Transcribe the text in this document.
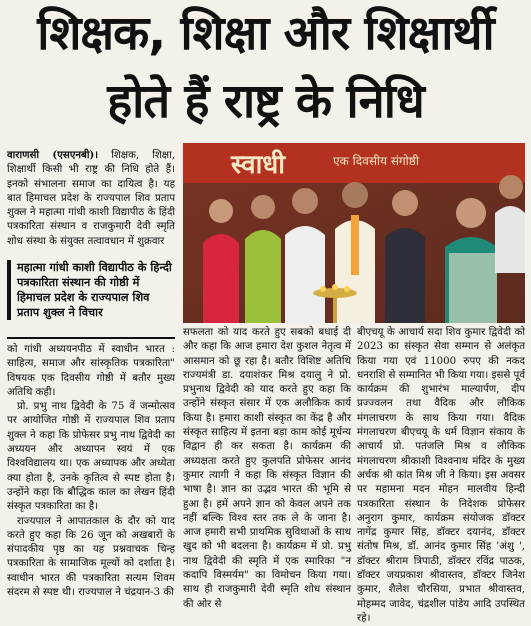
शिक्षक, शिक्षा और शिक्षार्थी
होते हैं राष्ट्र के निधि

वाराणसी (एसएनबी)। शिक्षक, शिक्षा, शिक्षार्थी किसी भी राष्ट्र की निधि होते हैं। इनको संभालना समाज का दायित्व है। यह बात हिमाचल प्रदेश के राज्यपाल शिव प्रताप शुक्ल ने महात्मा गांधी काशी विद्यापीठ के हिंदी पत्रकारिता संस्थान व राजकुमारी देवी स्मृति शोध संस्था के संयुक्त तत्वावधान में शुक्रवार

महात्मा गांधी काशी विद्यापीठ के हिन्दी पत्रकारिता संस्थान की गोष्ठी में हिमाचल प्रदेश के राज्यपाल शिव प्रताप शुक्ल ने विचार

को गांधी अध्ययनपीठ में स्वाधीन भारत : साहित्य, समाज और सांस्कृतिक पत्रकारिता" विषयक एक दिवसीय गोष्ठी में बतौर मुख्य अतिथि कही।

प्रो. प्रभु नाथ द्विवेदी के 75 वें जन्मोत्सव पर आयोजित गोष्ठी में राज्यपाल शिव प्रताप शुक्ल ने कहा कि प्रोफेसर प्रभु नाथ द्विवेदी का अध्ययन और अध्यापन स्वयं में एक विश्वविद्यालय था। एक अध्यापक और अध्येता क्या होता है, उनके कृतित्व से स्पष्ट होता है। उन्होंने कहा कि बौद्धिक काल का लेखन हिंदी संस्कृत पत्रकारिता का है।

राज्यपाल ने आपातकाल के दौर को याद करते हुए कहा कि 26 जून को अखबारों के संपादकीय पृष्ठ का यह प्रश्नवाचक चिन्ह पत्रकारिता के सामाजिक मूल्यों को दर्शाता है। स्वाधीन भारत की पत्रकारिता सत्यम शिवम संदरम से स्पष्ट थी। राज्यपाल ने चंद्रयान-3 की

स्वाधी	एक दिवसीय संगोष्ठी

सफलता को याद करते हुए सबको बधाई दी और कहा कि आज हमारा देश कुशल नेतृत्व में आसमान को छू रहा है। बतौर विशिष्ट अतिथि राज्यमंत्री डा. दयाशंकर मिश्र दयालु ने प्रो. प्रभुनाथ द्विवेदी को याद करते हुए कहा कि उन्होंने संस्कृत संसार में एक अलौकिक कार्य किया है। हमारा काशी संस्कृत का केंद्र है और संस्कृत साहित्य में इतना बड़ा काम कोई मूर्धन्य विद्वान ही कर सकता है। कार्यक्रम की अध्यक्षता करते हुए कुलपति प्रोफेसर आनंद कुमार त्यागी ने कहा कि संस्कृत विज्ञान की भाषा है। ज्ञान का उद्भव भारत की भूमि से हुआ है। हमें अपने ज्ञान को केवल अपने तक नहीं बल्कि विश्व स्तर तक ले के जाना है। आज हमारी सभी प्राथमिक सुविधाओं के साथ खुद को भी बदलना है। कार्यक्रम में प्रो. प्रभु नाथ द्विवेदी की स्मृति में एक स्मारिका "न कदापि विस्मर्यम" का विमोचन किया गया। साथ ही राजकुमारी देवी स्मृति शोध संस्थान की ओर से

बीएचयू के आचार्य सदा शिव कुमार द्विवेदी को 2023 का संस्कृत सेवा सम्मान से अलंकृत किया गया एवं 11000 रुपए की नकद धनराशि से सम्मानित भी किया गया। इससे पूर्व कार्यक्रम की शुभारंभ माल्यार्पण, दीप प्रज्ज्वलन तथा वैदिक और लौकिक मंगलाचरण के साथ किया गया। वैदिक मंगलाचरण बीएचयू के धर्म विज्ञान संकाय के आचार्य प्रो. पतंजलि मिश्र व लौकिक मंगलाचरण श्रीकाशी विश्वनाथ मंदिर के मुख्य अर्चक श्री कांत मिश्र जी ने किया। इस अवसर पर महामना मदन मोहन मालवीय हिन्दी पत्रकारिता संस्थान के निदेशक प्रोफेसर अनुराग कुमार, कार्यक्रम संयोजक डॉक्टर नागेंद्र कुमार सिंह, डॉक्टर दयानंद, डॉक्टर संतोष मिश्र, डॉ. आनंद कुमार सिंह 'अंशु ', डॉक्टर श्रीराम त्रिपाठी, डॉक्टर रविंद्र पाठक, डॉक्टर जयप्रकाश श्रीवास्तव, डॉक्टर जिनेश कुमार, शैलेश चौरसिया, प्रभात श्रीवास्तव, मोहम्मद जावेद, चंद्रशील पांडेय आदि उपस्थित रहे।
